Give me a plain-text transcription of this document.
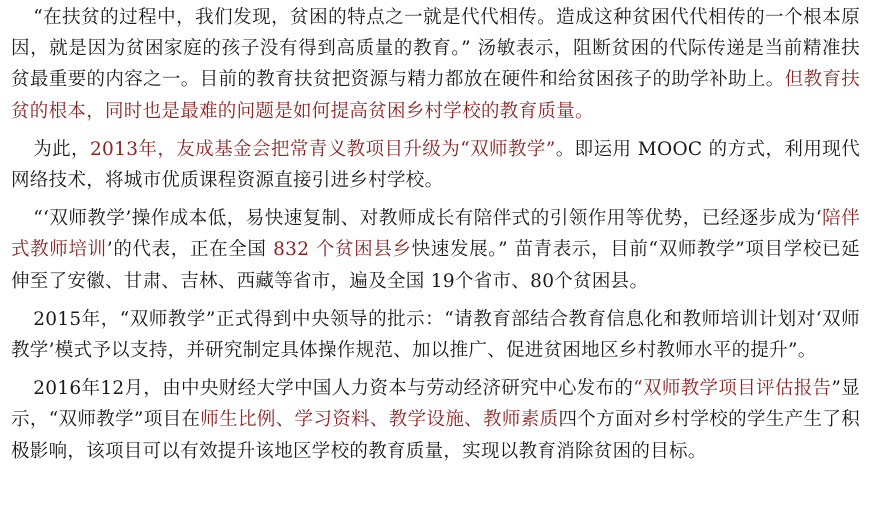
“在扶贫的过程中，我们发现，贫困的特点之一就是代代相传。造成这种贫困代代相传的一个根本原因，就是因为贫困家庭的孩子没有得到高质量的教育。” 汤敏表示，阻断贫困的代际传递是当前精准扶贫最重要的内容之一。目前的教育扶贫把资源与精力都放在硬件和给贫困孩子的助学补助上。但教育扶贫的根本，同时也是最难的问题是如何提高贫困乡村学校的教育质量。

为此，2013年，友成基金会把常青义教项目升级为“双师教学”。即运用 MOOC 的方式，利用现代网络技术，将城市优质课程资源直接引进乡村学校。

“‘双师教学’操作成本低，易快速复制、对教师成长有陪伴式的引领作用等优势，已经逐步成为‘陪伴式教师培训’的代表，正在全国 832 个贫困县乡快速发展。” 苗青表示，目前“双师教学”项目学校已延伸至了安徽、甘肃、吉林、西藏等省市，遍及全国 19个省市、80个贫困县。

2015年，“双师教学”正式得到中央领导的批示：“请教育部结合教育信息化和教师培训计划对‘双师教学’模式予以支持，并研究制定具体操作规范、加以推广、促进贫困地区乡村教师水平的提升”。

2016年12月，由中央财经大学中国人力资本与劳动经济研究中心发布的“双师教学项目评估报告”显示，“双师教学”项目在师生比例、学习资料、教学设施、教师素质四个方面对乡村学校的学生产生了积极影响，该项目可以有效提升该地区学校的教育质量，实现以教育消除贫困的目标。
